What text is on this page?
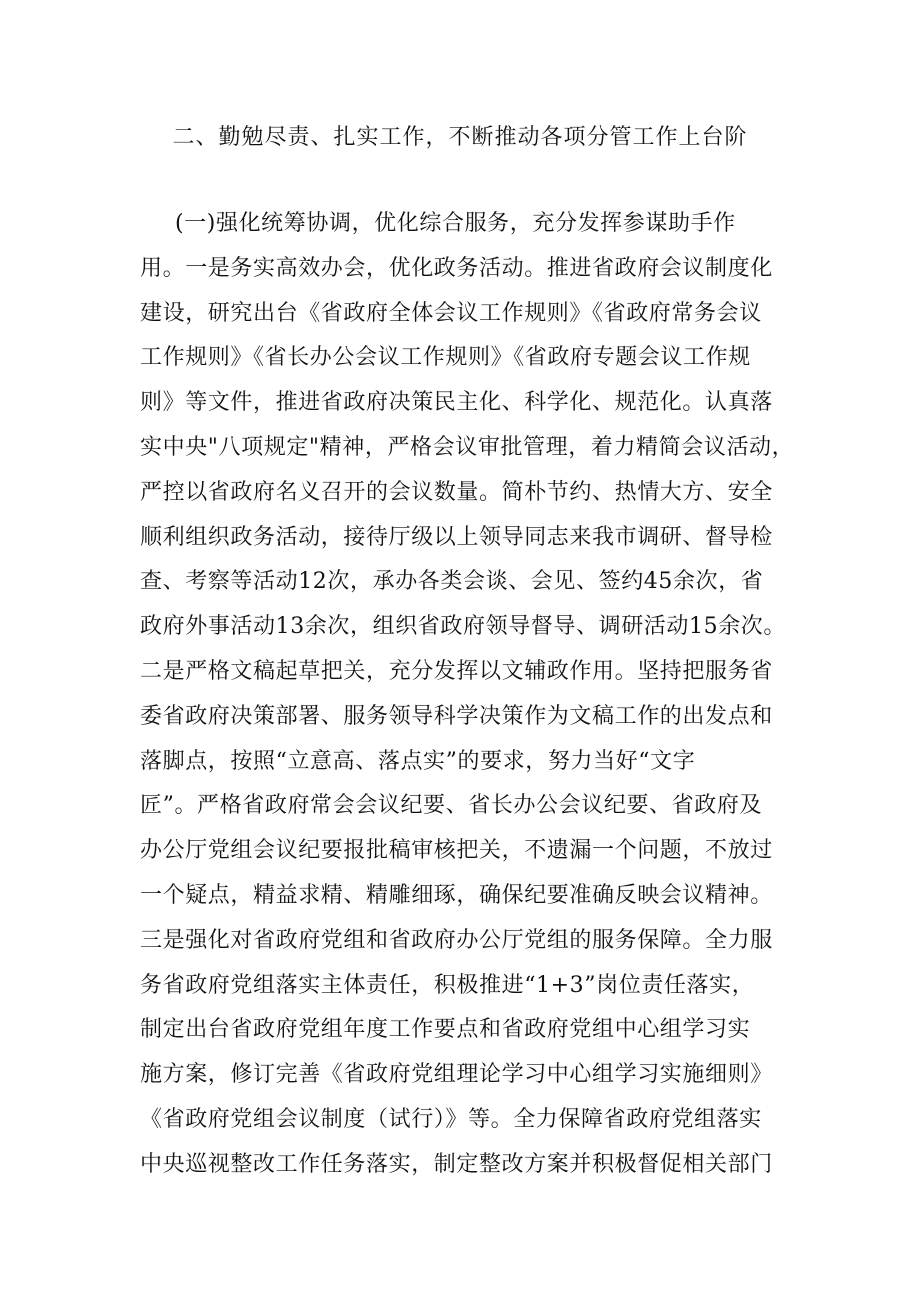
二、勤勉尽责、扎实工作，不断推动各项分管工作上台阶
(一)强化统筹协调，优化综合服务，充分发挥参谋助手作
用。一是务实高效办会，优化政务活动。推进省政府会议制度化
建设，研究出台《省政府全体会议工作规则》《省政府常务会议
工作规则》《省长办公会议工作规则》《省政府专题会议工作规
则》等文件，推进省政府决策民主化、科学化、规范化。认真落
实中央"八项规定"精神，严格会议审批管理，着力精简会议活动，
严控以省政府名义召开的会议数量。简朴节约、热情大方、安全
顺利组织政务活动，接待厅级以上领导同志来我市调研、督导检
查、考察等活动12次，承办各类会谈、会见、签约45余次，省
政府外事活动13余次，组织省政府领导督导、调研活动15余次。
二是严格文稿起草把关，充分发挥以文辅政作用。坚持把服务省
委省政府决策部署、服务领导科学决策作为文稿工作的出发点和
落脚点，按照“立意高、落点实”的要求，努力当好“文字
匠”。严格省政府常会会议纪要、省长办公会议纪要、省政府及
办公厅党组会议纪要报批稿审核把关，不遗漏一个问题，不放过
一个疑点，精益求精、精雕细琢，确保纪要准确反映会议精神。
三是强化对省政府党组和省政府办公厅党组的服务保障。全力服
务省政府党组落实主体责任，积极推进“1+3”岗位责任落实，
制定出台省政府党组年度工作要点和省政府党组中心组学习实
施方案，修订完善《省政府党组理论学习中心组学习实施细则》
《省政府党组会议制度（试行）》等。全力保障省政府党组落实
中央巡视整改工作任务落实，制定整改方案并积极督促相关部门
